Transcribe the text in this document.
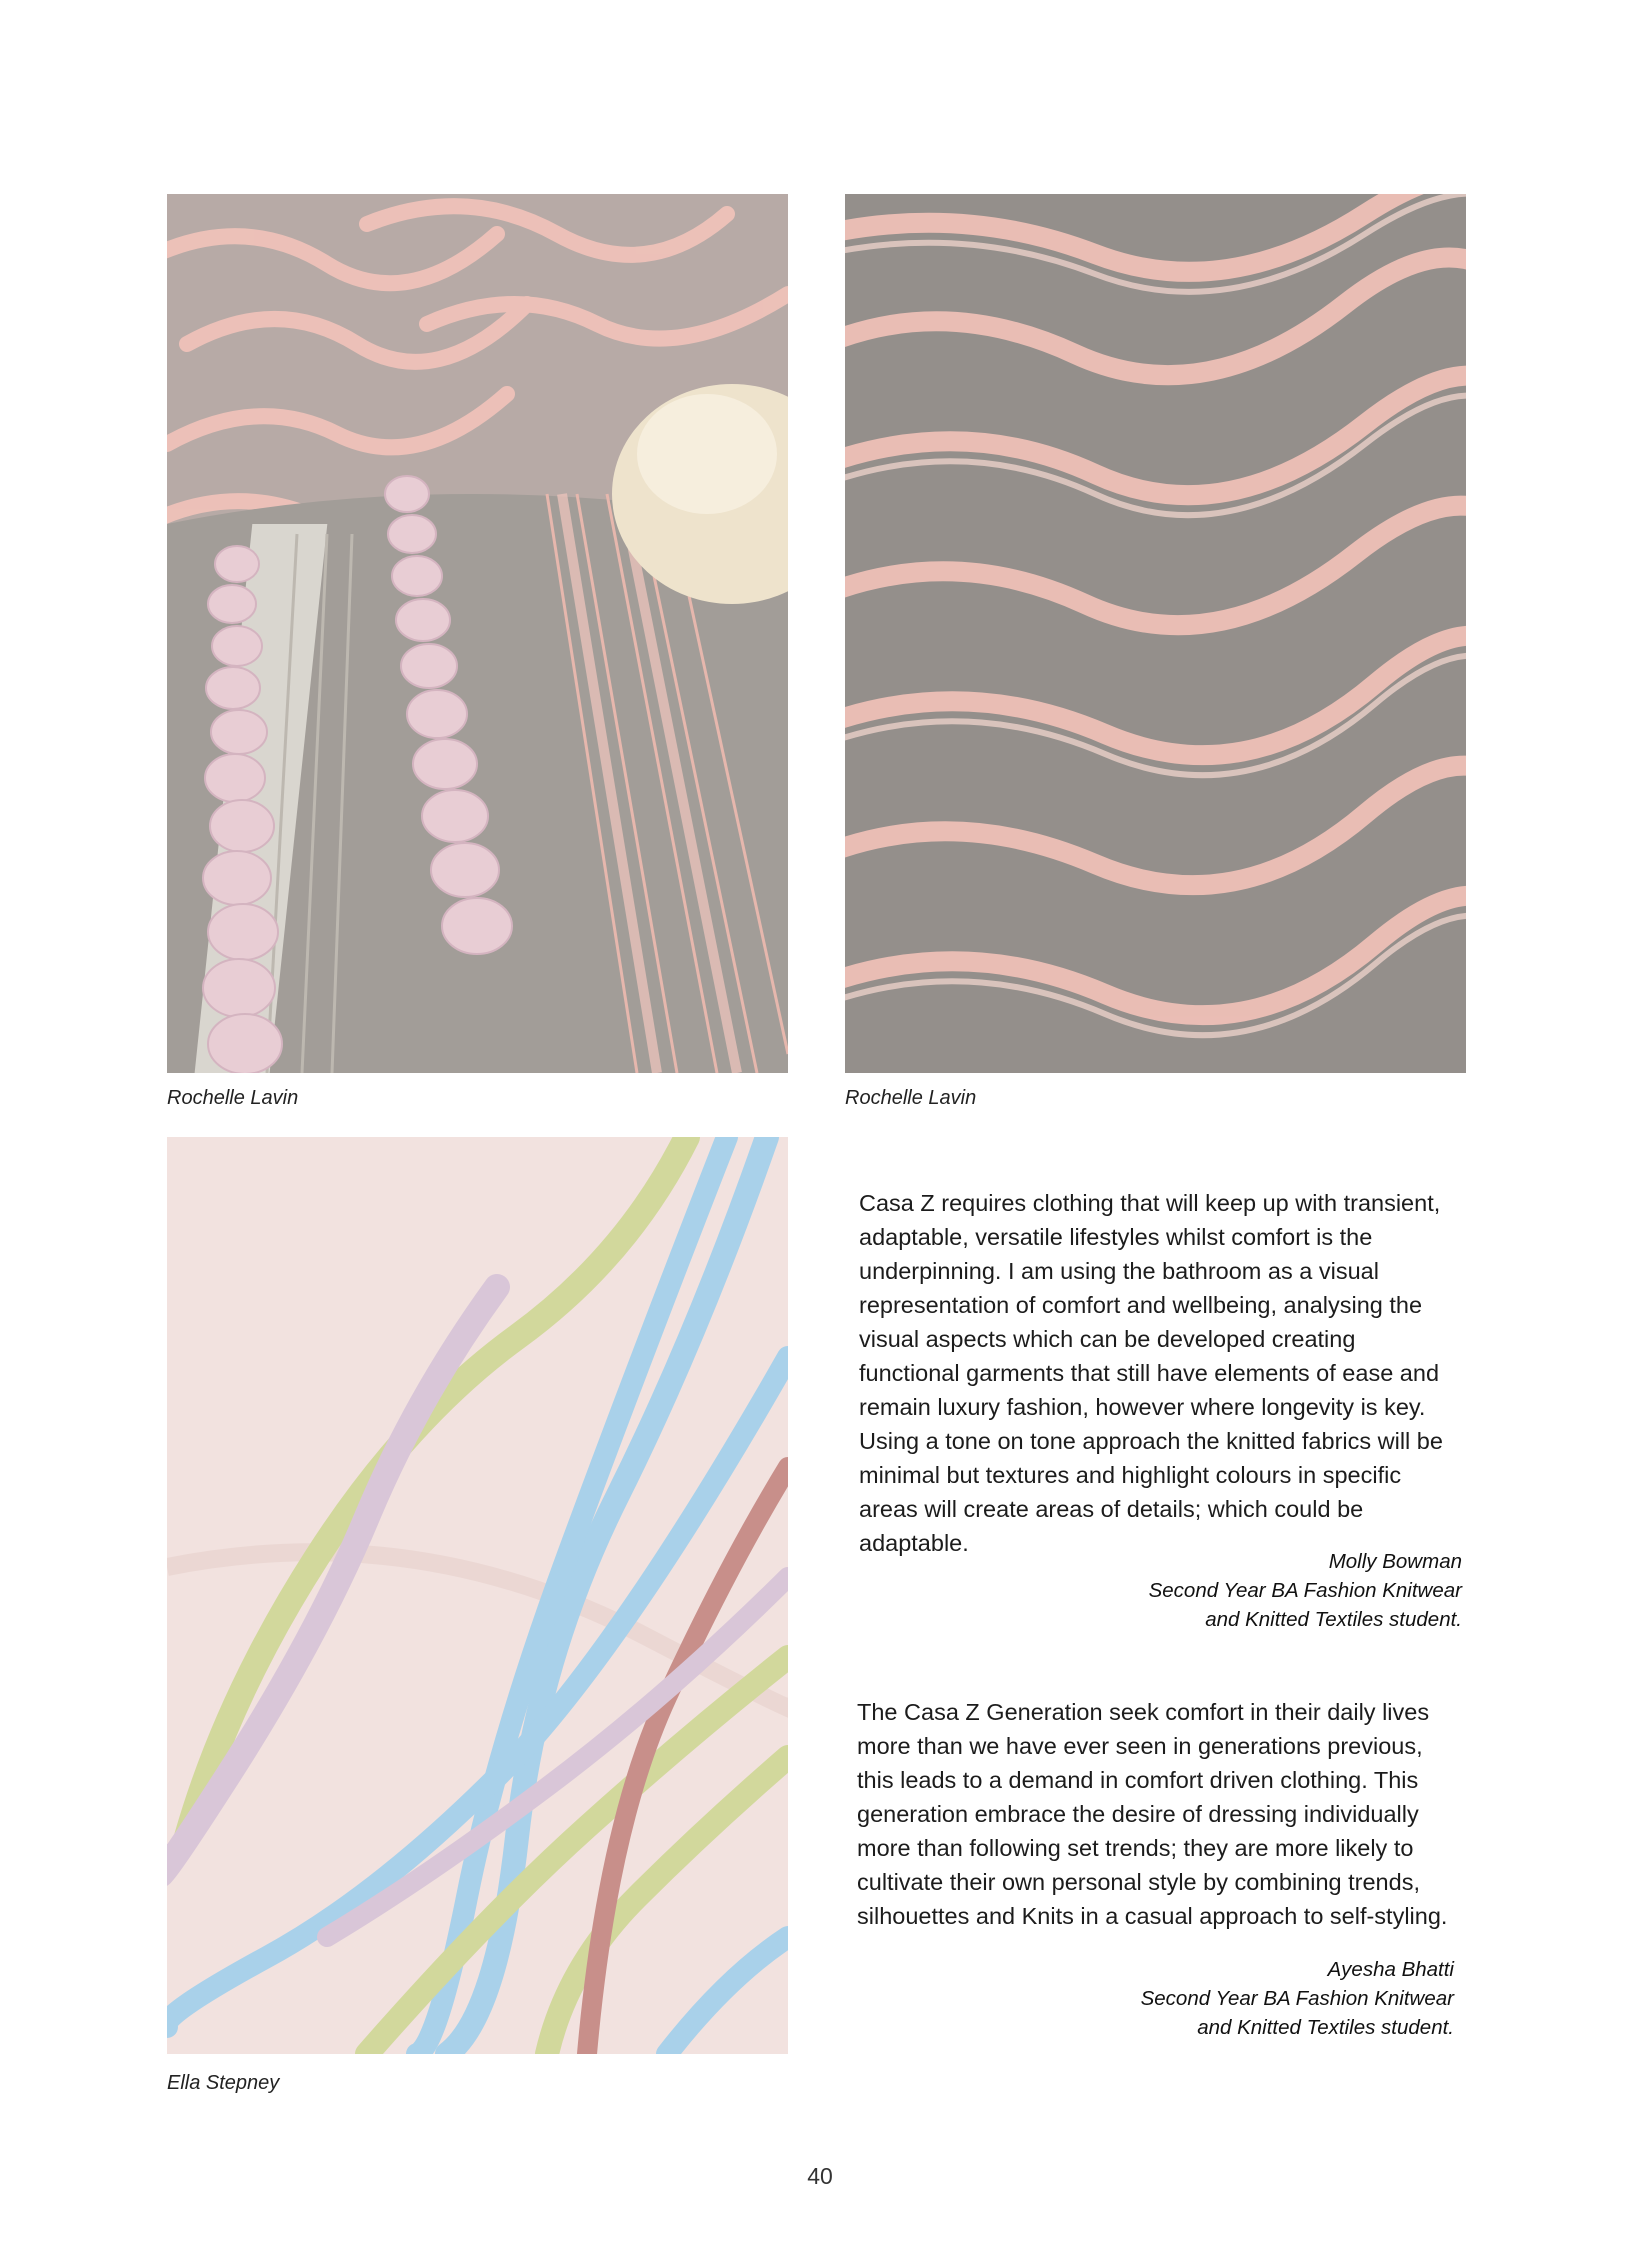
Rochelle Lavin	Rochelle Lavin
Ella Stepney
Casa Z requires clothing that will keep up with transient, adaptable, versatile lifestyles whilst comfort is the underpinning. I am using the bathroom as a visual representation of comfort and wellbeing, analysing the visual aspects which can be developed creating functional garments that still have elements of ease and remain luxury fashion, however where longevity is key. Using a tone on tone approach the knitted fabrics will be minimal but textures and highlight colours in specific areas will create areas of details; which could be adaptable.
Molly Bowman
Second Year BA Fashion Knitwear
and Knitted Textiles student.
The Casa Z Generation seek comfort in their daily lives more than we have ever seen in generations previous, this leads to a demand in comfort driven clothing. This generation embrace the desire of dressing individually more than following set trends; they are more likely to cultivate their own personal style by combining trends, silhouettes and Knits in a casual approach to self-styling.
Ayesha Bhatti
Second Year BA Fashion Knitwear
and Knitted Textiles student.
40
